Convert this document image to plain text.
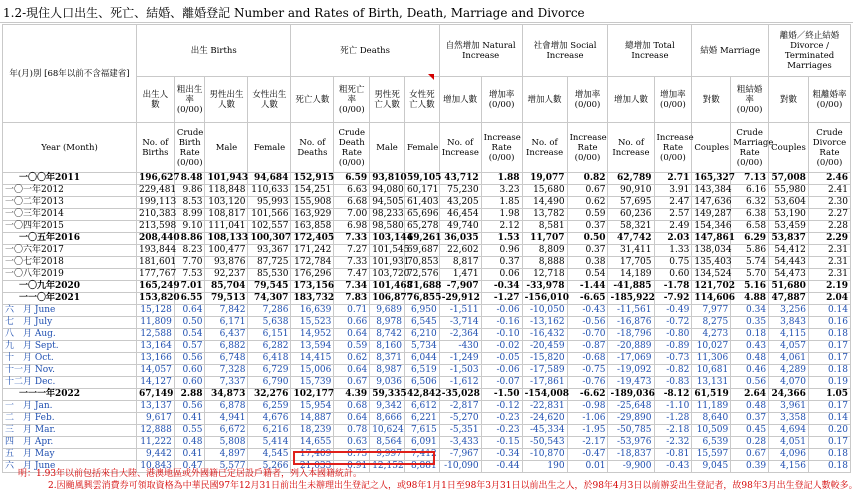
1.2-現住人口出生、死亡、結婚、離婚登記 Number and Rates of Birth, Death, Marriage and Divorce
年(月)別 [68年以前不含福建省]	出生 Births				死亡 Deaths				自然增加 Natural Increase		社會增加 Social Increase		總增加 Total Increase		結婚 Marriage		離婚／終止結婚 Divorce / Terminated Marriages	
	出生人數	粗出生率 (0/00)	男性出生人數	女性出生人數	死亡人數	粗死亡率 (0/00)	男性死亡人數	女性死亡人數	增加人數	增加率 (0/00)	增加人數	增加率 (0/00)	增加人數	增加率 (0/00)	對數	粗結婚率 (0/00)	對數	粗離婚率 (0/00)
Year (Month)	No. of Births	Crude Birth Rate (0/00)	Male	Female	No. of Deaths	Crude Death Rate (0/00)	Male	Female	No. of Increase	Increase Rate (0/00)	No. of Increase	Increase Rate (0/00)	No. of Increase	Increase Rate (0/00)	Couples	Crude Marriage Rate (0/00)	Couples	Crude Divorce Rate (0/00)
一〇〇年2011	196,627	8.48	101,943	94,684	152,915	6.59	93,810	59,105	43,712	1.88	19,077	0.82	62,789	2.71	165,327	7.13	57,008	2.46
一〇一年2012	229,481	9.86	118,848	110,633	154,251	6.63	94,080	60,171	75,230	3.23	15,680	0.67	90,910	3.91	143,384	6.16	55,980	2.41
一〇二年2013	199,113	8.53	103,120	95,993	155,908	6.68	94,505	61,403	43,205	1.85	14,490	0.62	57,695	2.47	147,636	6.32	53,604	2.30
一〇三年2014	210,383	8.99	108,817	101,566	163,929	7.00	98,233	65,696	46,454	1.98	13,782	0.59	60,236	2.57	149,287	6.38	53,190	2.27
一〇四年2015	213,598	9.10	111,041	102,557	163,858	6.98	98,580	65,278	49,740	2.12	8,581	0.37	58,321	2.49	154,346	6.58	53,459	2.28
一〇五年2016	208,440	8.86	108,133	100,307	172,405	7.33	103,144	69,261	36,035	1.53	11,707	0.50	47,742	2.03	147,861	6.29	53,837	2.29
一〇六年2017	193,844	8.23	100,477	93,367	171,242	7.27	101,545	69,687	22,602	0.96	8,809	0.37	31,411	1.33	138,034	5.86	54,412	2.31
一〇七年2018	181,601	7.70	93,876	87,725	172,784	7.33	101,931	70,853	8,817	0.37	8,888	0.38	17,705	0.75	135,403	5.74	54,443	2.31
一〇八年2019	177,767	7.53	92,237	85,530	176,296	7.47	103,720	72,576	1,471	0.06	12,718	0.54	14,189	0.60	134,524	5.70	54,473	2.31
一〇九年2020	165,249	7.01	85,704	79,545	173,156	7.34	101,468	71,688	-7,907	-0.34	-33,978	-1.44	-41,885	-1.78	121,702	5.16	51,680	2.19
一一〇年2021	153,820	6.55	79,513	74,307	183,732	7.83	106,877	76,855	-29,912	-1.27	-156,010	-6.65	-185,922	-7.92	114,606	4.88	47,887	2.04
六　月 June	15,128	0.64	7,842	7,286	16,639	0.71	9,689	6,950	-1,511	-0.06	-10,050	-0.43	-11,561	-0.49	7,977	0.34	3,256	0.14
七　月 July	11,809	0.50	6,171	5,638	15,523	0.66	8,978	6,545	-3,714	-0.16	-13,162	-0.56	-16,876	-0.72	8,275	0.35	3,843	0.16
八　月 Aug.	12,588	0.54	6,437	6,151	14,952	0.64	8,742	6,210	-2,364	-0.10	-16,432	-0.70	-18,796	-0.80	4,273	0.18	4,115	0.18
九　月 Sept.	13,164	0.57	6,882	6,282	13,594	0.59	8,160	5,734	-430	-0.02	-20,459	-0.87	-20,889	-0.89	10,027	0.43	4,057	0.17
十　月 Oct.	13,166	0.56	6,748	6,418	14,415	0.62	8,371	6,044	-1,249	-0.05	-15,820	-0.68	-17,069	-0.73	11,306	0.48	4,061	0.17
十一月 Nov.	14,057	0.60	7,328	6,729	15,006	0.64	8,987	6,519	-1,503	-0.06	-17,589	-0.75	-19,092	-0.82	10,681	0.46	4,289	0.18
十二月 Dec.	14,127	0.60	7,337	6,790	15,739	0.67	9,036	6,506	-1,612	-0.07	-17,861	-0.76	-19,473	-0.83	13,131	0.56	4,070	0.19
一一一年2022	67,149	2.88	34,873	32,276	102,177	4.39	59,335	42,842	-35,028	-1.50	-154,008	-6.62	-189,036	-8.12	61,519	2.64	24,366	1.05
一　月 Jan.	13,137	0.56	6,878	6,259	15,954	0.68	9,342	6,612	-2,817	-0.12	-22,831	-0.98	-25,648	-1.10	11,189	0.48	3,961	0.17
二　月 Feb.	9,617	0.41	4,941	4,676	14,887	0.64	8,666	6,221	-5,270	-0.23	-24,620	-1.06	-29,890	-1.28	8,640	0.37	3,358	0.14
三　月 Mar.	12,888	0.55	6,672	6,216	18,239	0.78	10,624	7,615	-5,351	-0.23	-45,334	-1.95	-50,785	-2.18	10,509	0.45	4,694	0.20
四　月 Apr.	11,222	0.48	5,808	5,414	14,655	0.63	8,564	6,091	-3,433	-0.15	-50,543	-2.17	-53,976	-2.32	6,539	0.28	4,051	0.17
五　月 May	9,442	0.41	4,897	4,545	17,409	0.75	9,997	7,412	-7,967	-0.34	-10,870	-0.47	-18,837	-0.81	15,597	0.67	4,096	0.18
六　月 June	10,843	0.47	5,577	5,266	21,033	0.91	12,152	8,881	-10,090	-0.44	190	0.01	-9,900	-0.43	9,045	0.39	4,156	0.18
明：1.93年以前包括來自大陸、港澳地區或外國籍已定居設戶籍者，列入本國籍統計。
2.因颱風興雲消費券可領取資格為中華民國97年12月31日前出生未辦理出生登記之人，或98年1月1日至98年3月31日以前出生之人，於98年4月3日以前辦妥出生登記者，故98年3月出生登記人數較多。
